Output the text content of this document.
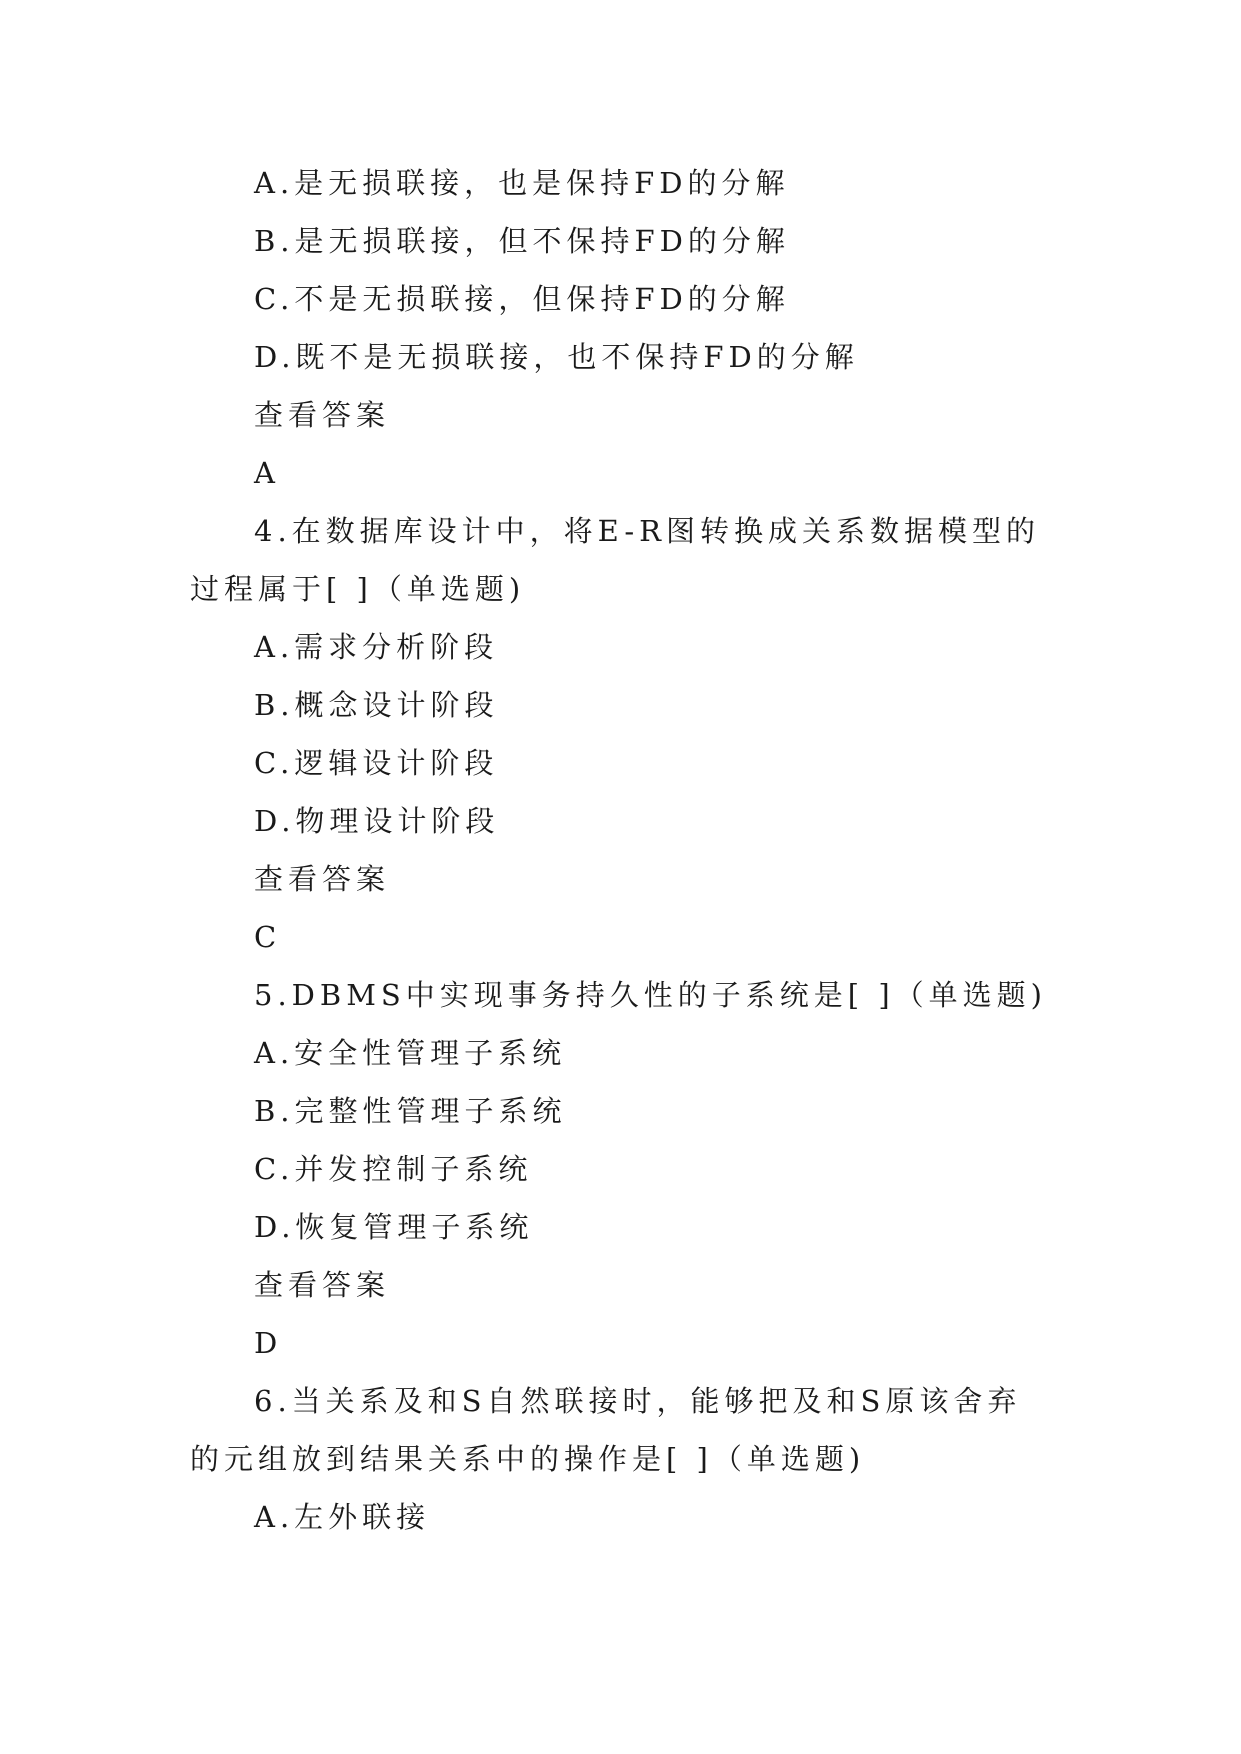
A.是无损联接，也是保持FD的分解
B.是无损联接，但不保持FD的分解
C.不是无损联接，但保持FD的分解
D.既不是无损联接，也不保持FD的分解
查看答案
A
4.在数据库设计中，将E-R图转换成关系数据模型的
过程属于[ ]（单选题)
A.需求分析阶段
B.概念设计阶段
C.逻辑设计阶段
D.物理设计阶段
查看答案
C
5.DBMS中实现事务持久性的子系统是[ ]（单选题)
A.安全性管理子系统
B.完整性管理子系统
C.并发控制子系统
D.恢复管理子系统
查看答案
D
6.当关系及和S自然联接时，能够把及和S原该舍弃
的元组放到结果关系中的操作是[ ]（单选题)
A.左外联接
